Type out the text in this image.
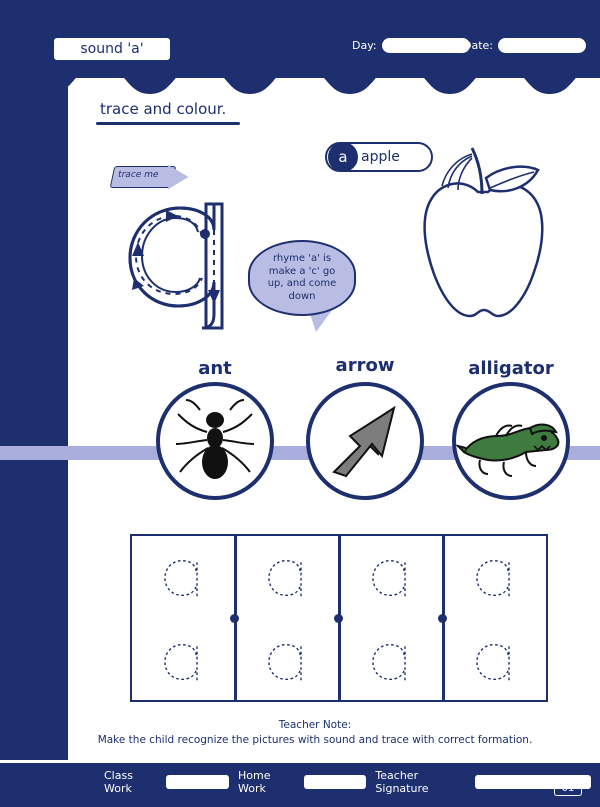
sound 'a'	Day:	Date:
trace and colour.
trace me
apple
a
rhyme 'a' is make a 'c' go up, and come down
ant	arrow	alligator
Teacher Note:
Make the child recognize the pictures with sound and trace with correct formation.
Class Work
Home Work
Teacher Signature	01
